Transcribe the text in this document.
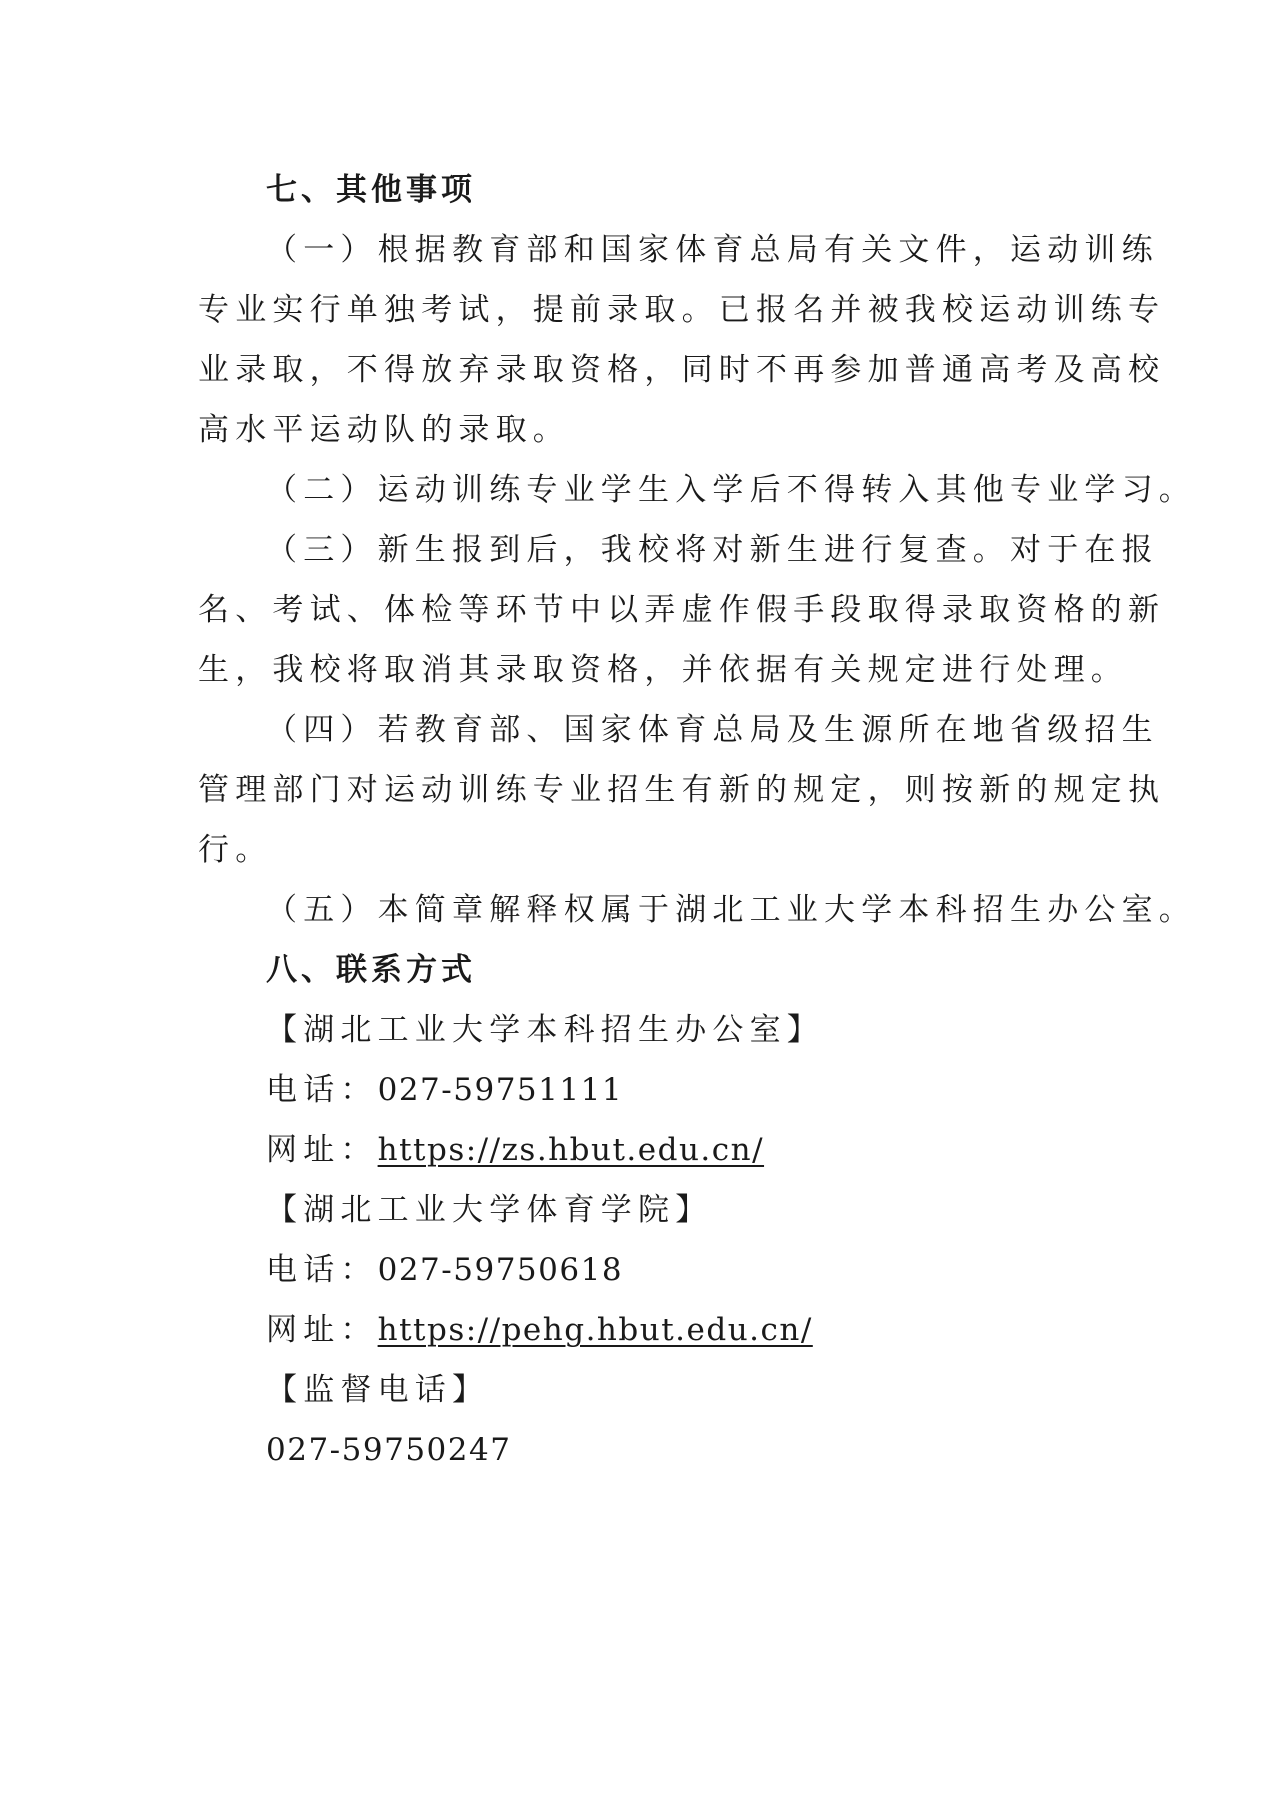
七、其他事项
（一）根据教育部和国家体育总局有关文件，运动训练
专业实行单独考试，提前录取。已报名并被我校运动训练专
业录取，不得放弃录取资格，同时不再参加普通高考及高校
高水平运动队的录取。
（二）运动训练专业学生入学后不得转入其他专业学习。
（三）新生报到后，我校将对新生进行复查。对于在报
名、考试、体检等环节中以弄虚作假手段取得录取资格的新
生，我校将取消其录取资格，并依据有关规定进行处理。
（四）若教育部、国家体育总局及生源所在地省级招生
管理部门对运动训练专业招生有新的规定，则按新的规定执
行。
（五）本简章解释权属于湖北工业大学本科招生办公室。
八、联系方式
【湖北工业大学本科招生办公室】
电话：027-59751111
网址：https://zs.hbut.edu.cn/
【湖北工业大学体育学院】
电话：027-59750618
网址：https://pehg.hbut.edu.cn/
【监督电话】
027-59750247
